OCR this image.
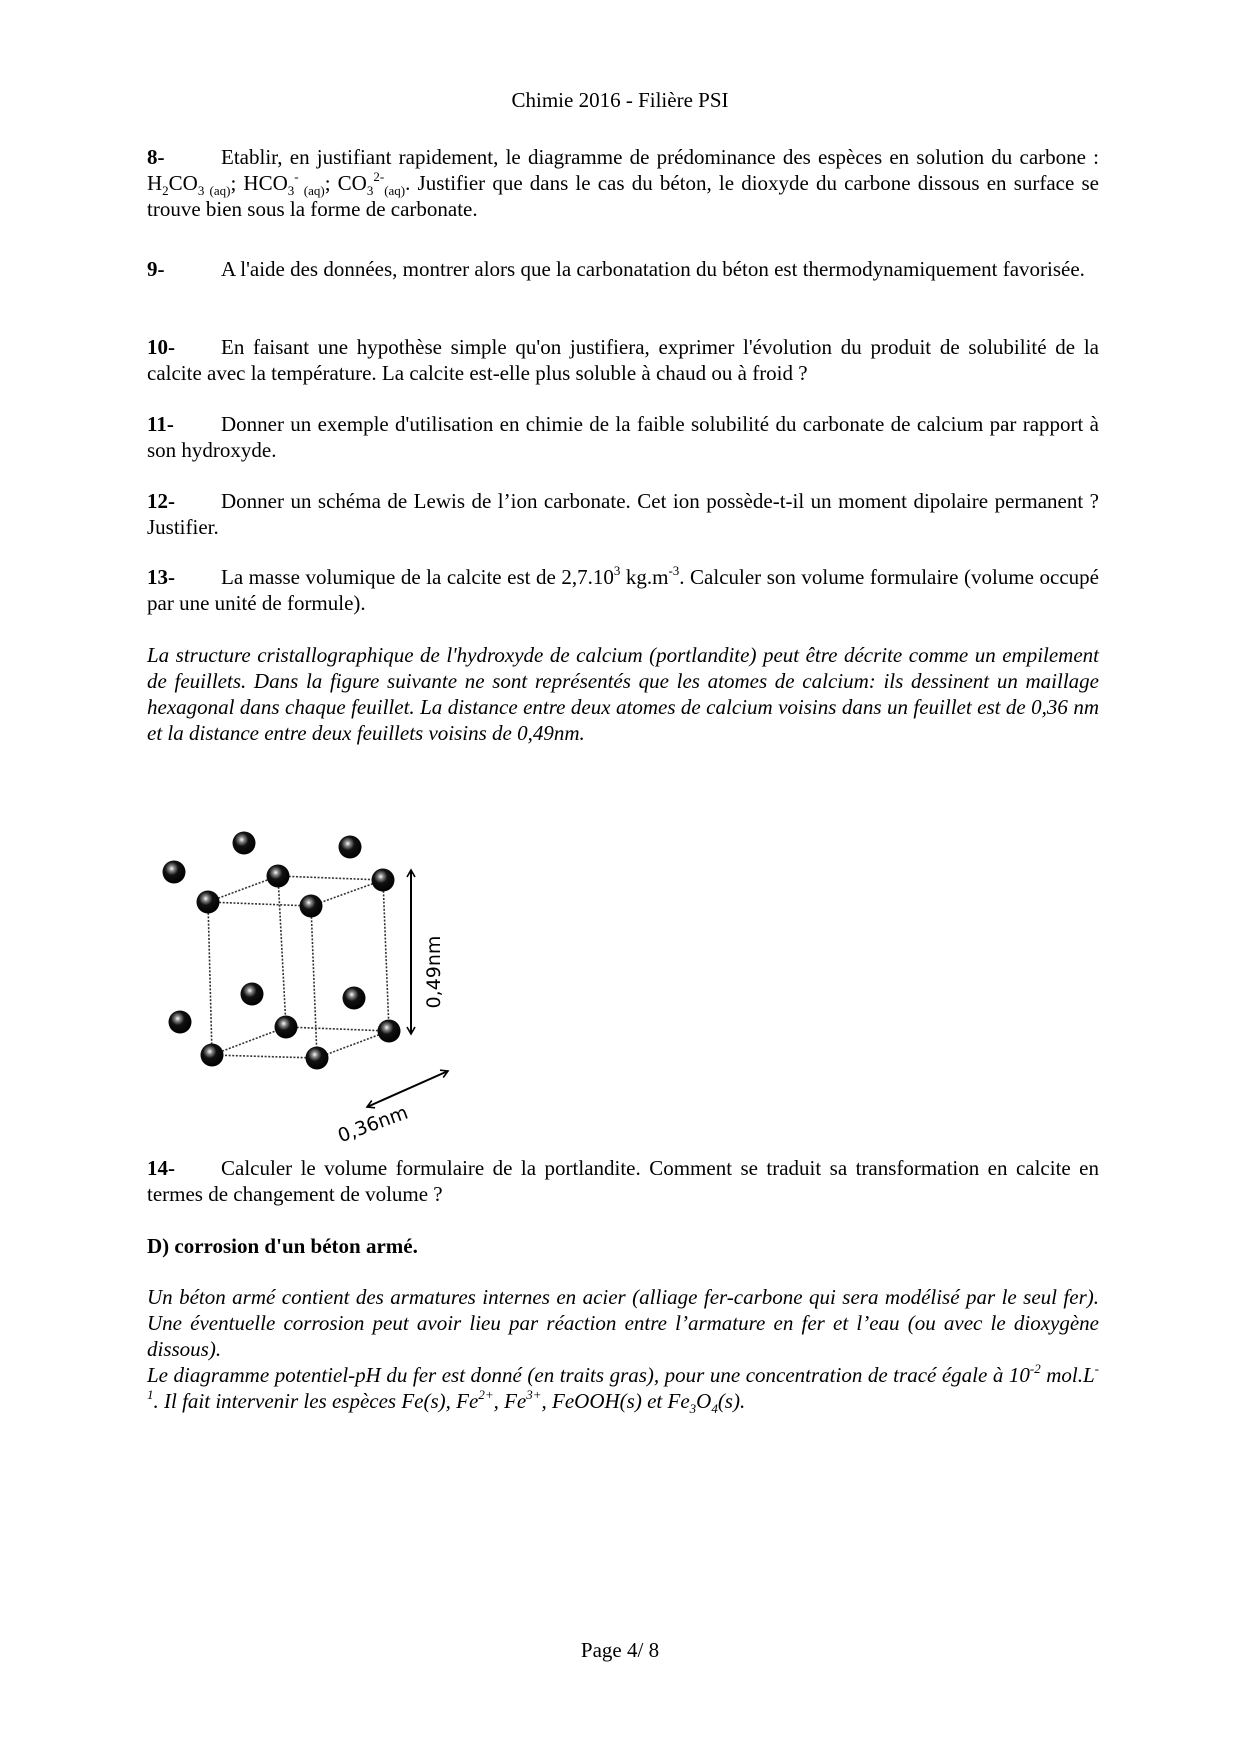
Chimie 2016 - Filière PSI
8-	Etablir, en justifiant rapidement, le diagramme de prédominance des espèces en solution du carbone : $H_2CO_{3 (aq)}$; $HCO_3^-$ $_{(aq)}$; $CO_3^{2-}_{(aq)}$. Justifier que dans le cas du béton, le dioxyde du carbone dissous en surface se trouve bien sous la forme de carbonate.
9-	A l'aide des données, montrer alors que la carbonatation du béton est thermodynamiquement favorisée.
10- En faisant une hypothèse simple qu'on justifiera, exprimer l'évolution du produit de solubilité de la calcite avec la température. La calcite est-elle plus soluble à chaud ou à froid ?
11- Donner un exemple d'utilisation en chimie de la faible solubilité du carbonate de calcium par rapport à son hydroxyde.
12- Donner un schéma de Lewis de l’ion carbonate. Cet ion possède-t-il un moment dipolaire permanent ? Justifier.
13- La masse volumique de la calcite est de 2,7.10$^3$ $kg.m^{-3}$. Calculer son volume formulaire (volume occupé par une unité de formule).
La structure cristallographique de l'hydroxyde de calcium (portlandite) peut être décrite comme un empilement de feuillets. Dans la figure suivante ne sont représentés que les atomes de calcium: ils dessinent un maillage hexagonal dans chaque feuillet. La distance entre deux atomes de calcium voisins dans un feuillet est de 0,36 nm et la distance entre deux feuillets voisins de 0,49nm.
0,49nm
0,36nm
14- Calculer le volume formulaire de la portlandite. Comment se traduit sa transformation en calcite en termes de changement de volume ?
D) corrosion d'un béton armé.
Un béton armé contient des armatures internes en acier (alliage fer-carbone qui sera modélisé par le seul fer). Une éventuelle corrosion peut avoir lieu par réaction entre l’armature en fer et l’eau (ou avec le dioxygène dissous).
Le diagramme potentiel-pH du fer est donné (en traits gras), pour une concentration de tracé égale à $10^{-2}$ $mol.L^{-1}$. Il fait intervenir les espèces Fe(s), $Fe^{2+}$, $Fe^{3+}$, FeOOH(s) et $Fe_3O_4(s)$.
Page 4/ 8
